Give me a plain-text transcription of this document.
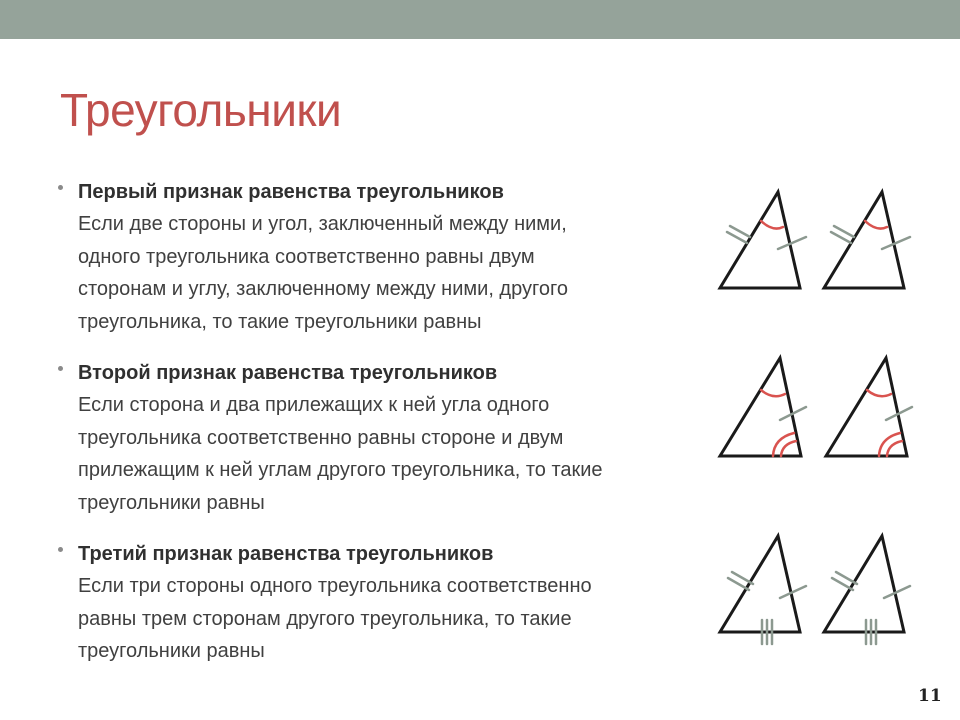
Треугольники
Первый признак равенства треугольников
Если две стороны и угол, заключенный между ними,
одного треугольника соответственно равны двум
сторонам и углу, заключенному между ними, другого
треугольника, то такие треугольники равны
Второй признак равенства треугольников
Если сторона и два прилежащих к ней угла одного
треугольника соответственно равны стороне и двум
прилежащим к ней углам другого треугольника, то такие
треугольники равны
Третий признак равенства треугольников
Если три стороны одного треугольника соответственно
равны трем сторонам другого треугольника, то такие
треугольники равны
11
